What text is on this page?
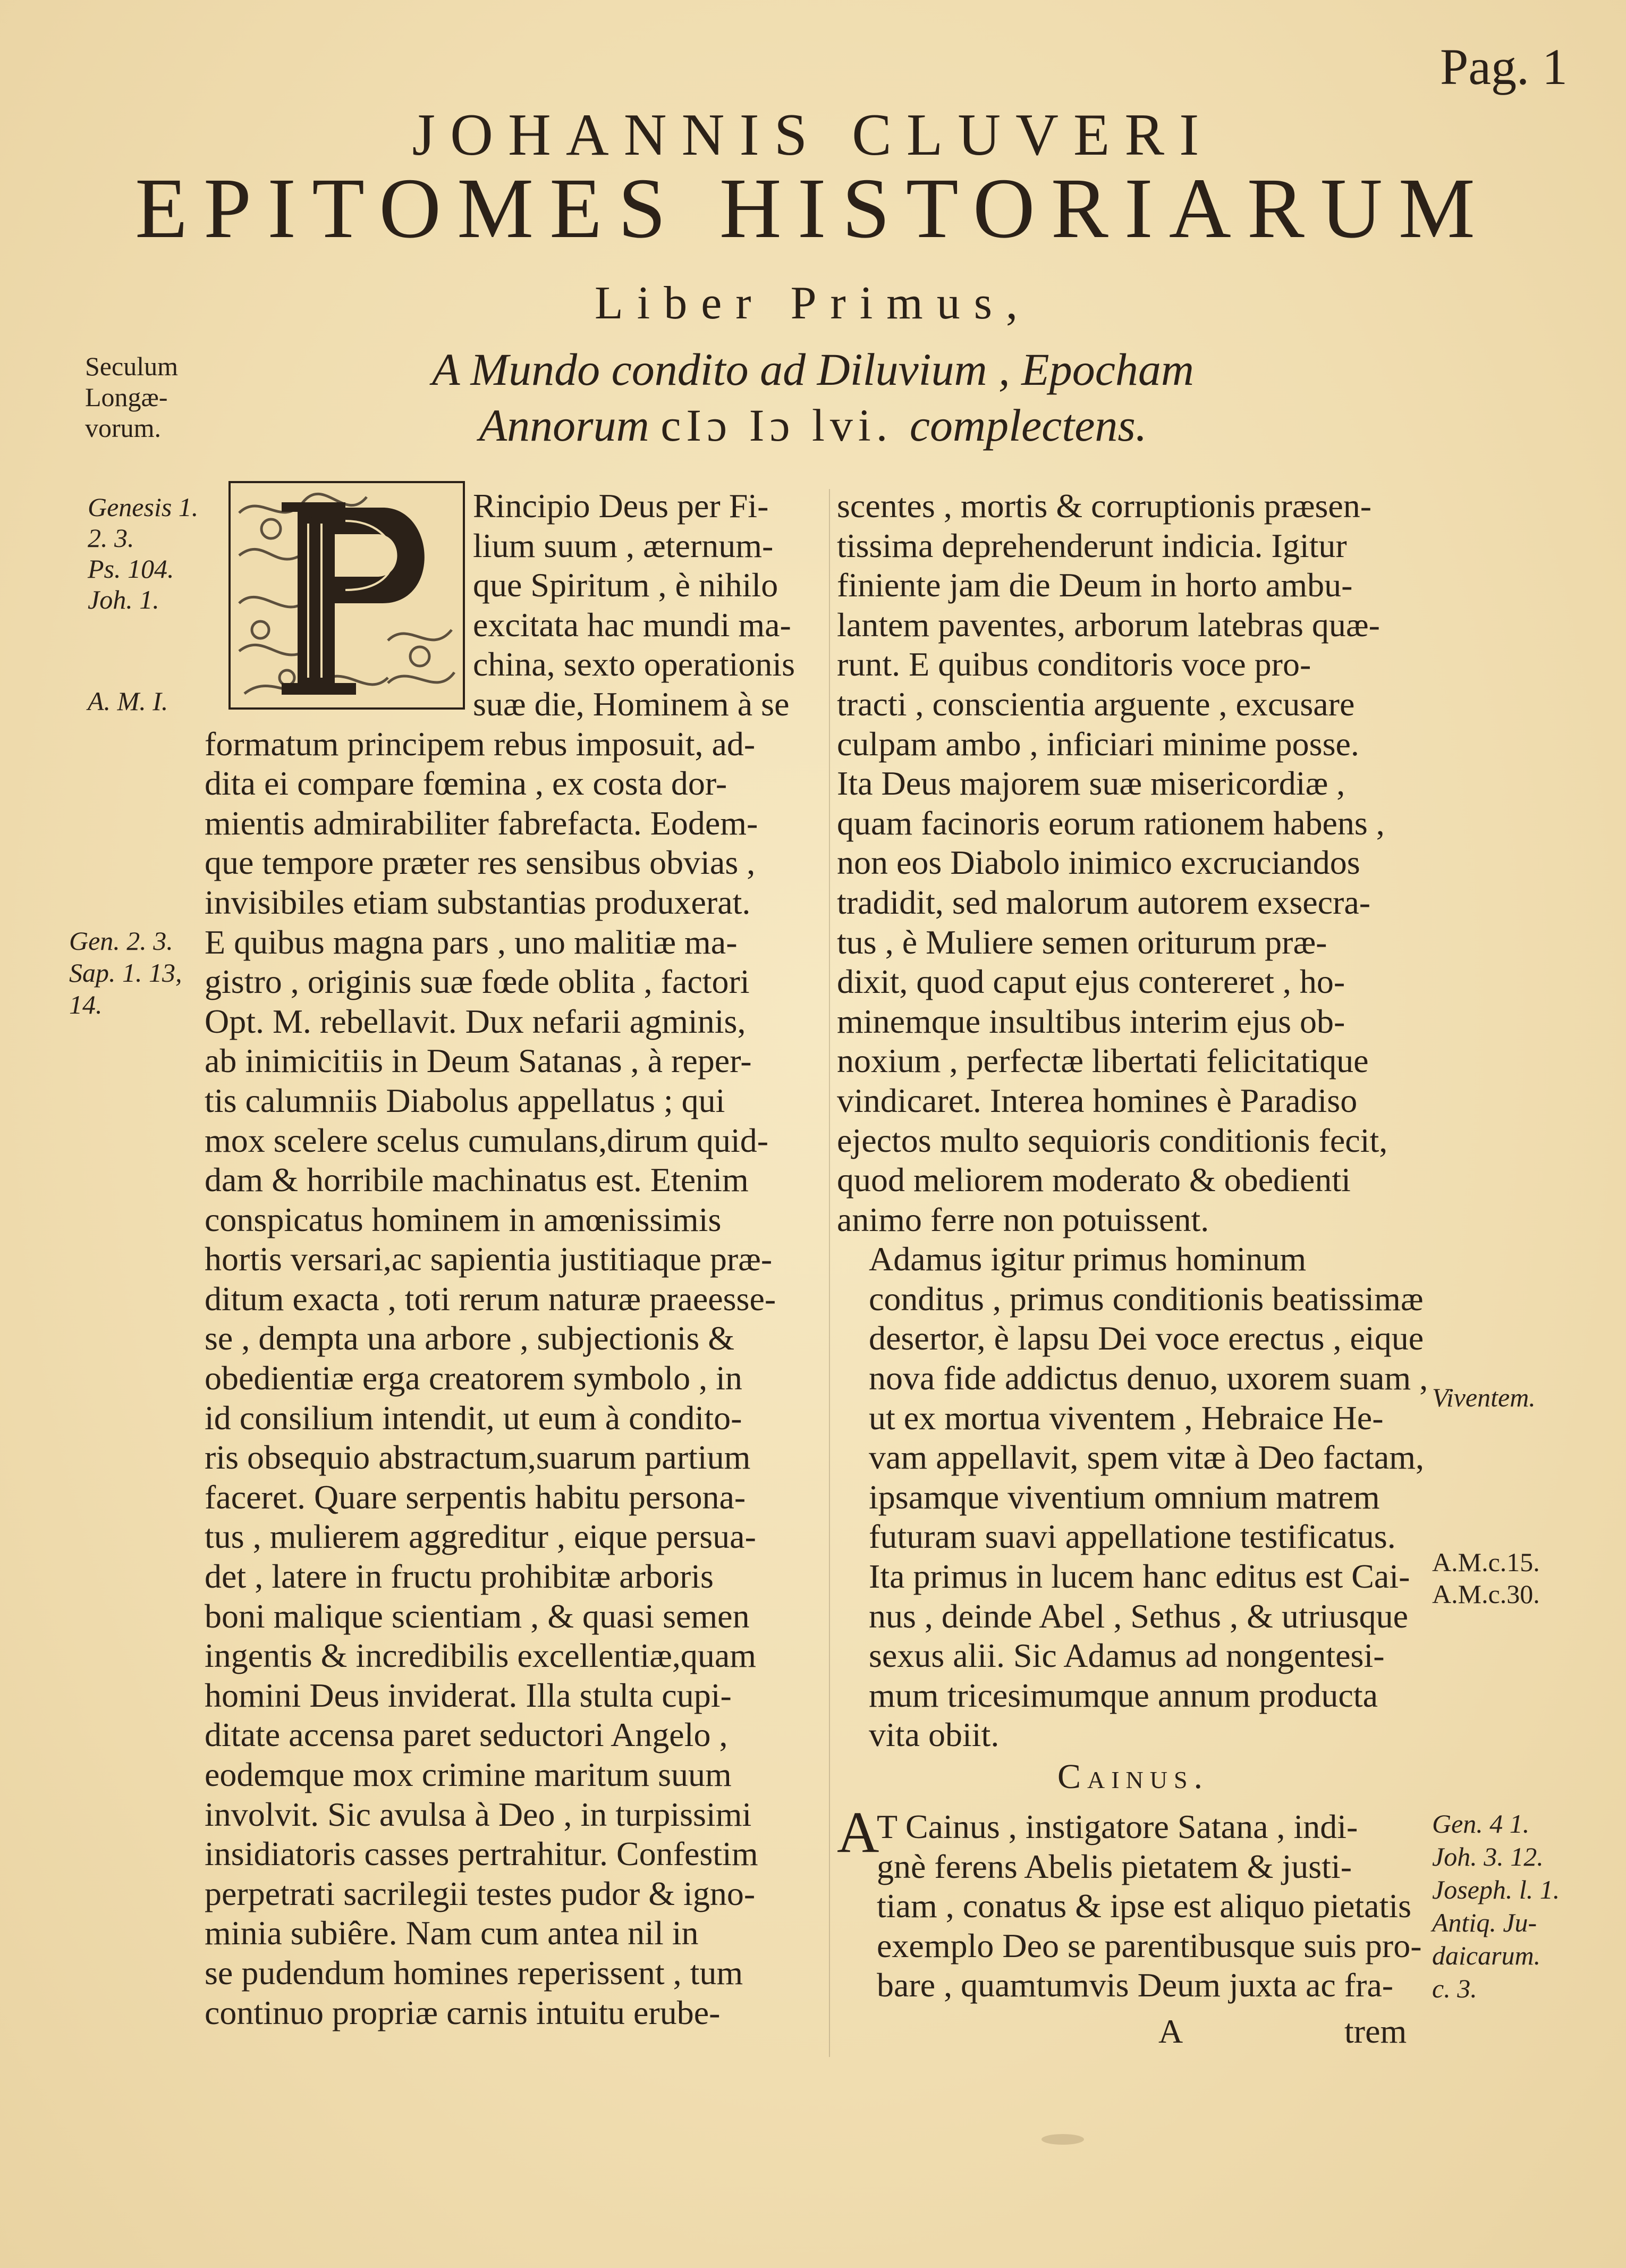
Pag. 1
JOHANNIS CLUVERI
EPITOMES HISTORIARUM
Liber Primus,
A Mundo condito ad Diluvium , Epocham
Annorum cIɔ Iɔ lvi. complectens.
Seculum
Longæ-
vorum.
Genesis 1.
2. 3.
Ps. 104.
Joh. 1.
A. M. I.
Gen. 2. 3.
Sap. 1. 13,
14.
Viventem.
A.M.c.15.
A.M.c.30.
Gen. 4 1.
Joh. 3. 12.
Joseph. l. 1.
Antiq. Ju-
daicarum.
c. 3.
Rincipio Deus per Fi-
lium suum , æternum-
que Spiritum , è nihilo
excitata hac mundi ma-
china, sexto operationis
suæ die, Hominem à se
formatum principem rebus imposuit, ad-
dita ei compare fœmina , ex costa dor-
mientis admirabiliter fabrefacta. Eodem-
que tempore præter res sensibus obvias ,
invisibiles etiam substantias produxerat.
E quibus magna pars , uno malitiæ ma-
gistro , originis suæ fœde oblita , factori
Opt. M. rebellavit. Dux nefarii agminis,
ab inimicitiis in Deum Satanas , à reper-
tis calumniis Diabolus appellatus ; qui
mox scelere scelus cumulans,dirum quid-
dam & horribile machinatus est. Etenim
conspicatus hominem in amœnissimis
hortis versari,ac sapientia justitiaque præ-
ditum exacta , toti rerum naturæ praeesse-
se , dempta una arbore , subjectionis &
obedientiæ erga creatorem symbolo , in
id consilium intendit, ut eum à condito-
ris obsequio abstractum,suarum partium
faceret. Quare serpentis habitu persona-
tus , mulierem aggreditur , eique persua-
det , latere in fructu prohibitæ arboris
boni malique scientiam , & quasi semen
ingentis & incredibilis excellentiæ,quam
homini Deus inviderat. Illa stulta cupi-
ditate accensa paret seductori Angelo ,
eodemque mox crimine maritum suum
involvit. Sic avulsa à Deo , in turpissimi
insidiatoris casses pertrahitur. Confestim
perpetrati sacrilegii testes pudor & igno-
minia subiêre. Nam cum antea nil in
se pudendum homines reperissent , tum
continuo propriæ carnis intuitu erube-
scentes , mortis & corruptionis præsen-
tissima deprehenderunt indicia. Igitur
finiente jam die Deum in horto ambu-
lantem paventes, arborum latebras quæ-
runt. E quibus conditoris voce pro-
tracti , conscientia arguente , excusare
culpam ambo , inficiari minime posse.
Ita Deus majorem suæ misericordiæ ,
quam facinoris eorum rationem habens ,
non eos Diabolo inimico excruciandos
tradidit, sed malorum autorem exsecra-
tus , è Muliere semen oriturum præ-
dixit, quod caput ejus contereret , ho-
minemque insultibus interim ejus ob-
noxium , perfectæ libertati felicitatique
vindicaret. Interea homines è Paradiso
ejectos multo sequioris conditionis fecit,
quod meliorem moderato & obedienti
animo ferre non potuissent.
Adamus igitur primus hominum
conditus , primus conditionis beatissimæ
desertor, è lapsu Dei voce erectus , eique
nova fide addictus denuo, uxorem suam ,
ut ex mortua viventem , Hebraice He-
vam appellavit, spem vitæ à Deo factam,
ipsamque viventium omnium matrem
futuram suavi appellatione testificatus.
Ita primus in lucem hanc editus est Cai-
nus , deinde Abel , Sethus , & utriusque
sexus alii. Sic Adamus ad nongentesi-
mum tricesimumque annum producta
vita obiit.
Cainus.
A
T Cainus , instigatore Satana , indi-
gnè ferens Abelis pietatem & justi-
tiam , conatus & ipse est aliquo pietatis
exemplo Deo se parentibusque suis pro-
bare , quamtumvis Deum juxta ac fra-
A	trem
